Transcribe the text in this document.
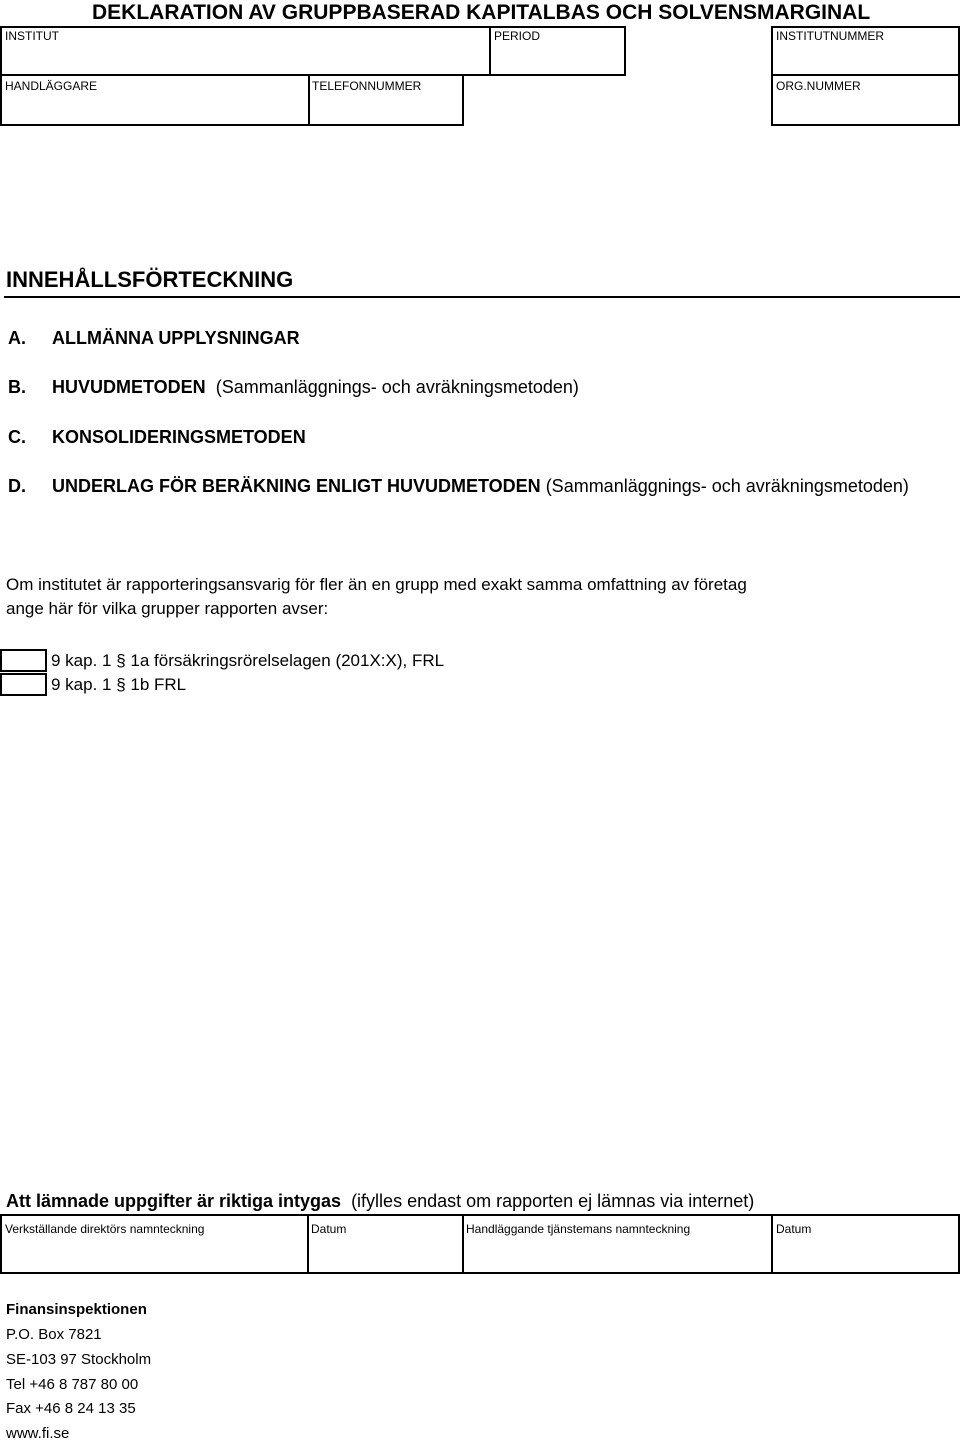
DEKLARATION AV GRUPPBASERAD KAPITALBAS OCH SOLVENSMARGINAL
INSTITUT	PERIOD	INSTITUTNUMMER
HANDLÄGGARE	TELEFONNUMMER	ORG.NUMMER
INNEHÅLLSFÖRTECKNING
A. ALLMÄNNA UPPLYSNINGAR
B. HUVUDMETODEN (Sammanläggnings- och avräkningsmetoden)
C. KONSOLIDERINGSMETODEN
D. UNDERLAG FÖR BERÄKNING ENLIGT HUVUDMETODEN (Sammanläggnings- och avräkningsmetoden)
Om institutet är rapporteringsansvarig för fler än en grupp med exakt samma omfattning av företag
ange här för vilka grupper rapporten avser:
9 kap. 1 § 1a försäkringsrörelselagen (201X:X), FRL
9 kap. 1 § 1b FRL
Att lämnade uppgifter är riktiga intygas (ifylles endast om rapporten ej lämnas via internet)
Verkställande direktörs namnteckning	Datum	Handläggande tjänstemans namnteckning	Datum
Finansinspektionen
P.O. Box 7821
SE-103 97 Stockholm
Tel +46 8 787 80 00
Fax +46 8 24 13 35
www.fi.se
